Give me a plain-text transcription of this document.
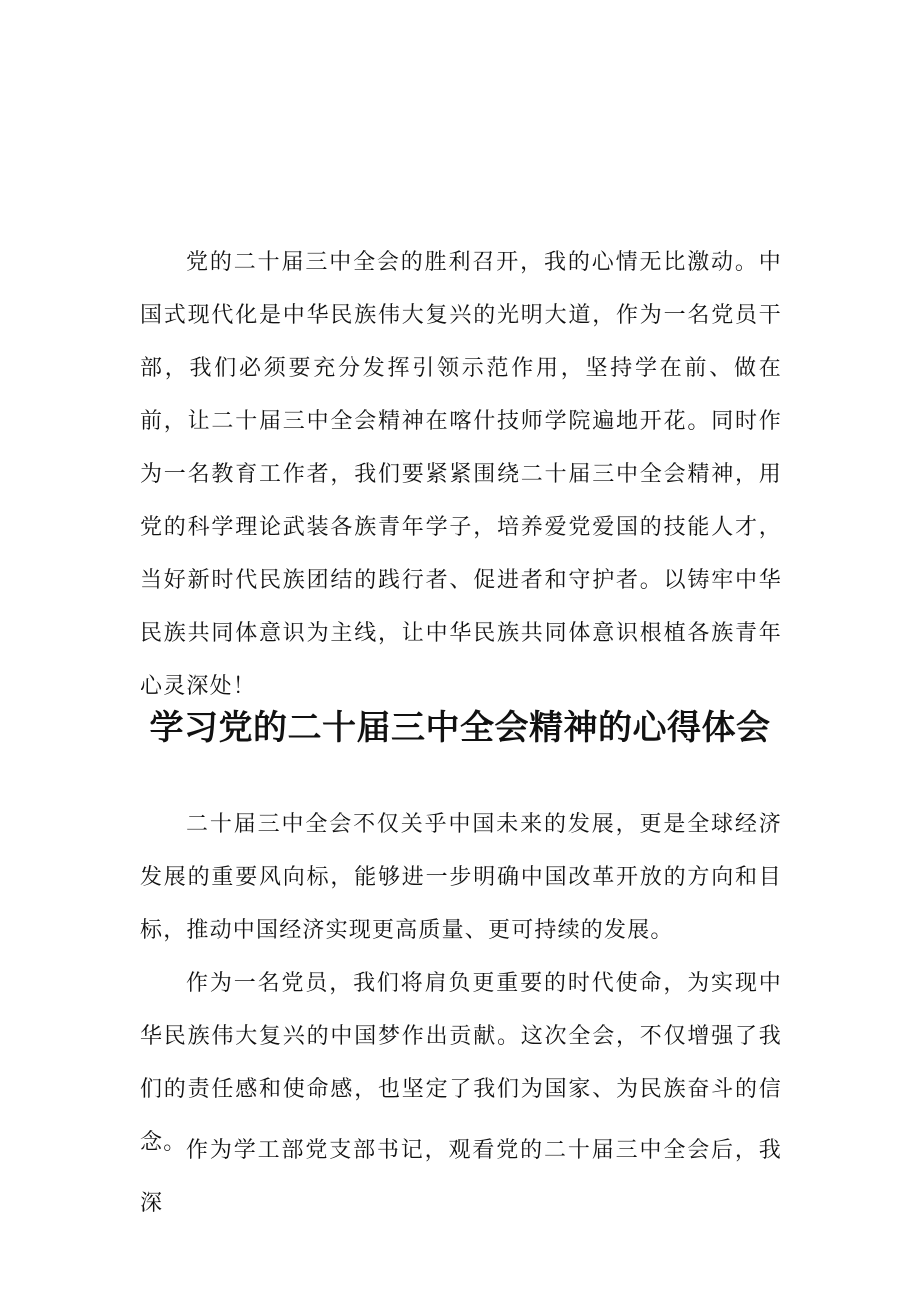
党的二十届三中全会的胜利召开，我的心情无比激动。中国式现代化是中华民族伟大复兴的光明大道，作为一名党员干部，我们必须要充分发挥引领示范作用，坚持学在前、做在前，让二十届三中全会精神在喀什技师学院遍地开花。同时作为一名教育工作者，我们要紧紧围绕二十届三中全会精神，用党的科学理论武装各族青年学子，培养爱党爱国的技能人才，当好新时代民族团结的践行者、促进者和守护者。以铸牢中华民族共同体意识为主线，让中华民族共同体意识根植各族青年心灵深处！

学习党的二十届三中全会精神的心得体会

二十届三中全会不仅关乎中国未来的发展，更是全球经济发展的重要风向标，能够进一步明确中国改革开放的方向和目标，推动中国经济实现更高质量、更可持续的发展。

作为一名党员，我们将肩负更重要的时代使命，为实现中华民族伟大复兴的中国梦作出贡献。这次全会，不仅增强了我们的责任感和使命感，也坚定了我们为国家、为民族奋斗的信念。 作为学工部党支部书记，观看党的二十届三中全会后，我深
